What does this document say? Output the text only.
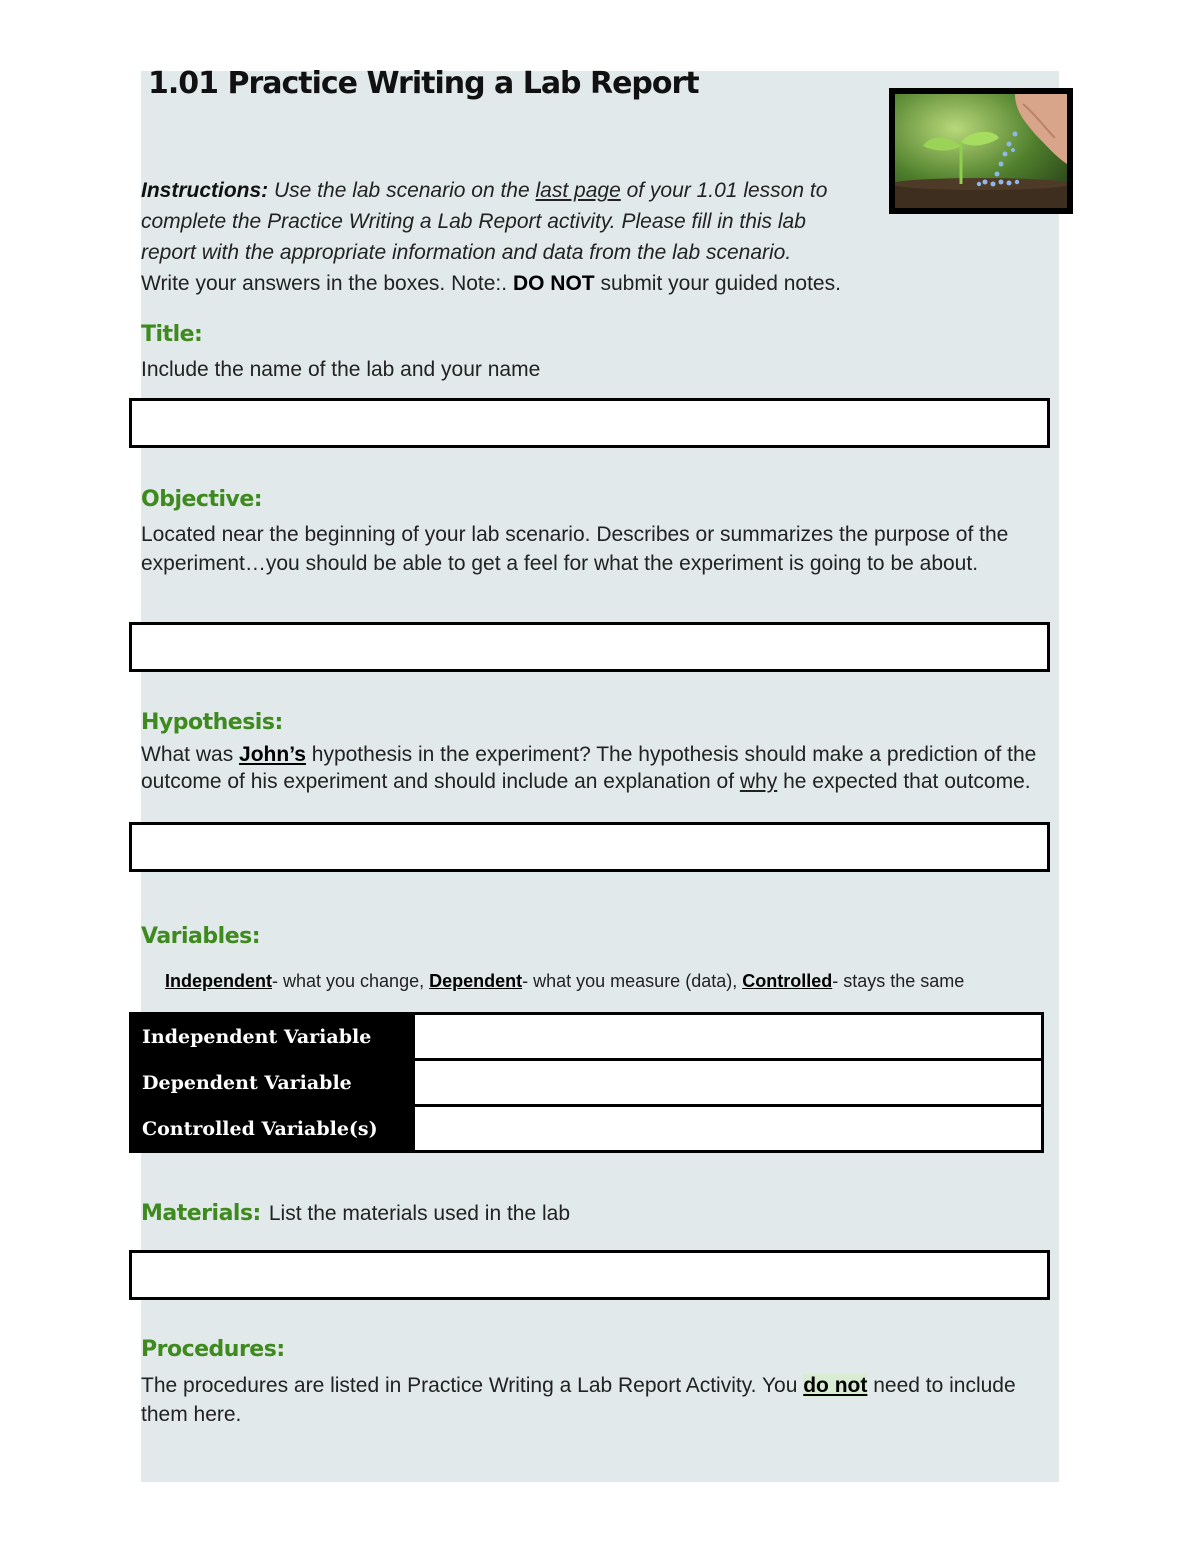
1.01 Practice Writing a Lab Report
Instructions: Use the lab scenario on the last page of your 1.01 lesson to complete the Practice Writing a Lab Report activity. Please fill in this lab report with the appropriate information and data from the lab scenario.
Write your answers in the boxes. Note:. DO NOT submit your guided notes.
Title:
Include the name of the lab and your name
Objective:
Located near the beginning of your lab scenario. Describes or summarizes the purpose of the experiment…you should be able to get a feel for what the experiment is going to be about.
Hypothesis:
What was John’s hypothesis in the experiment? The hypothesis should make a prediction of the outcome of his experiment and should include an explanation of why he expected that outcome.
Variables:
Independent- what you change, Dependent- what you measure (data), Controlled- stays the same
Independent Variable	
Dependent Variable	
Controlled Variable(s)	
Materials: List the materials used in the lab
Procedures:
The procedures are listed in Practice Writing a Lab Report Activity. You do not need to include them here.
